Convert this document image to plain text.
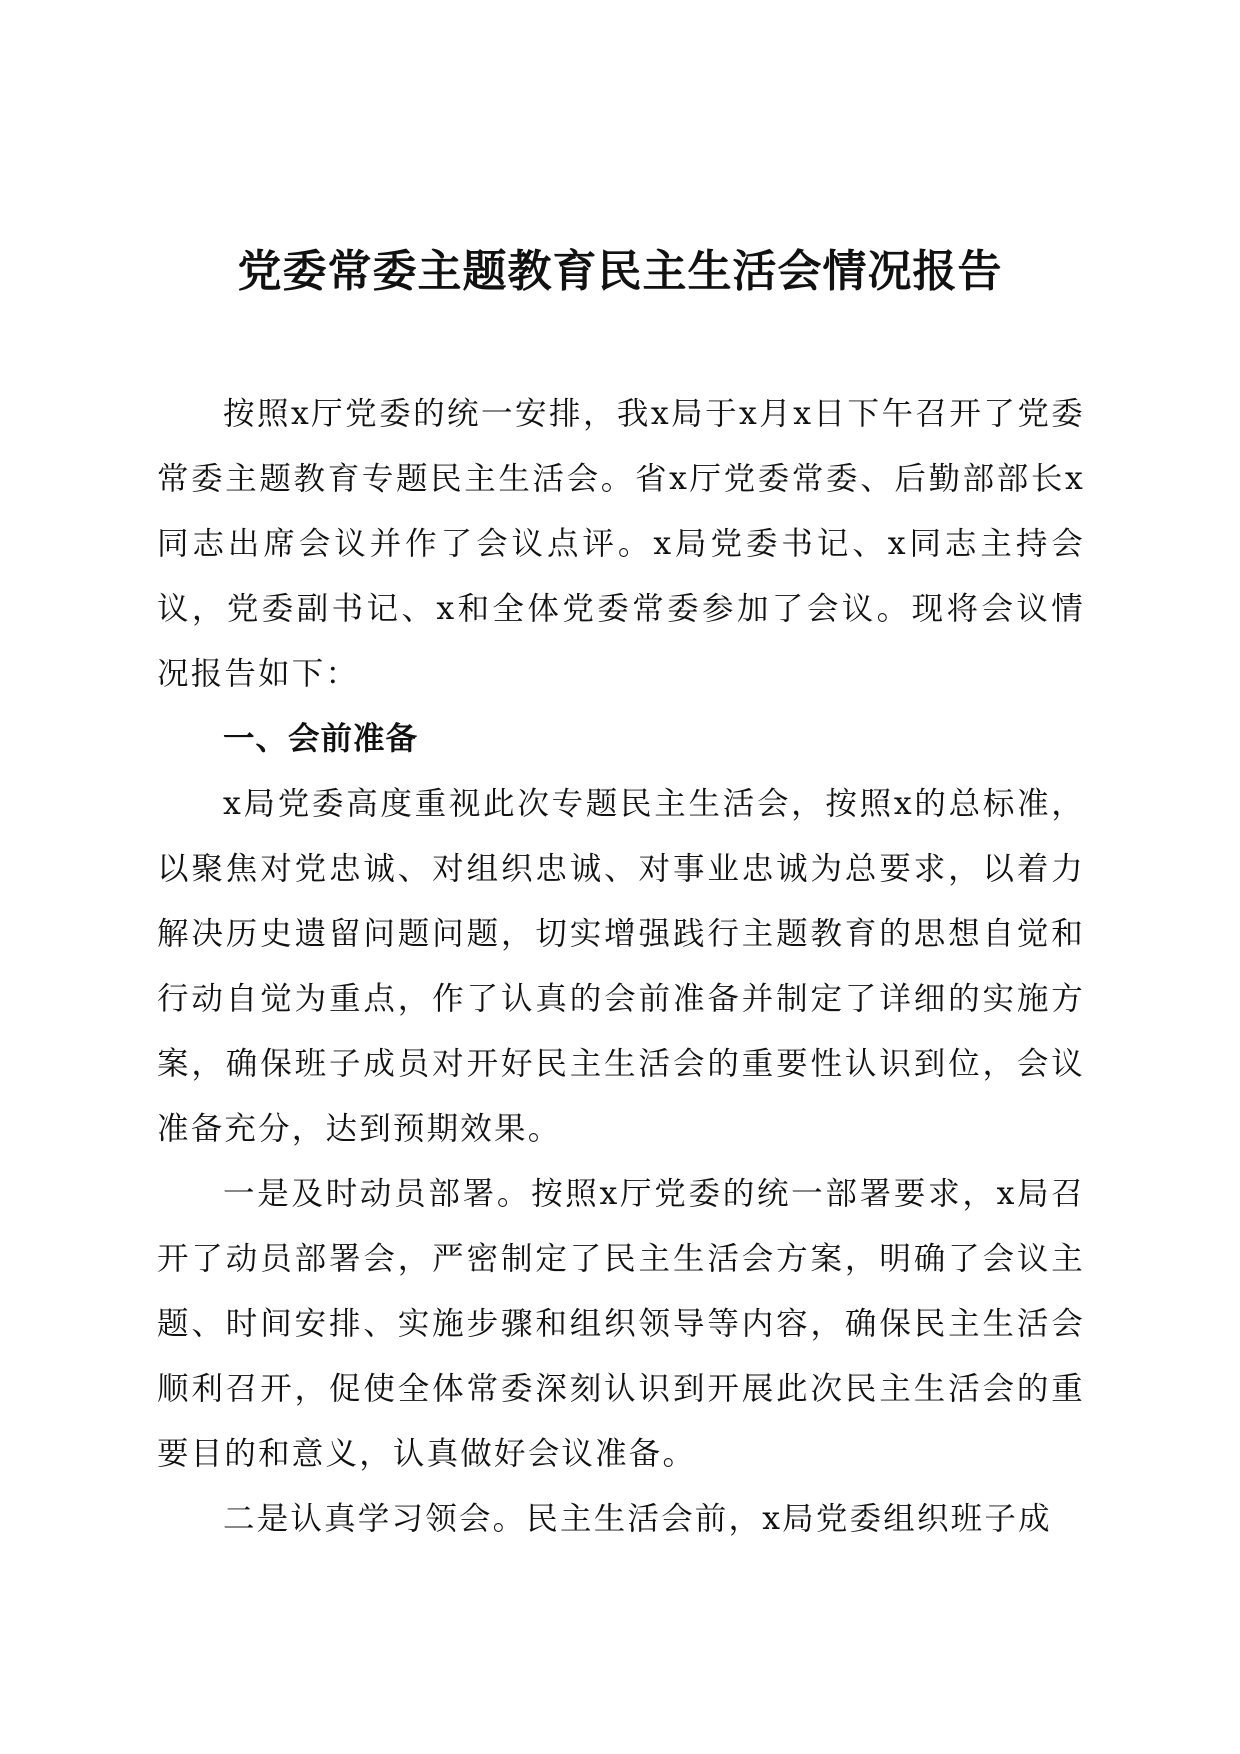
党委常委主题教育民主生活会情况报告

按照x厅党委的统一安排，我x局于x月x日下午召开了党委常委主题教育专题民主生活会。省x厅党委常委、后勤部部长x同志出席会议并作了会议点评。x局党委书记、x同志主持会议，党委副书记、x和全体党委常委参加了会议。现将会议情况报告如下：

一、会前准备

x局党委高度重视此次专题民主生活会，按照x的总标准，以聚焦对党忠诚、对组织忠诚、对事业忠诚为总要求，以着力解决历史遗留问题问题，切实增强践行主题教育的思想自觉和行动自觉为重点，作了认真的会前准备并制定了详细的实施方案，确保班子成员对开好民主生活会的重要性认识到位，会议准备充分，达到预期效果。

一是及时动员部署。按照x厅党委的统一部署要求，x局召开了动员部署会，严密制定了民主生活会方案，明确了会议主题、时间安排、实施步骤和组织领导等内容，确保民主生活会顺利召开，促使全体常委深刻认识到开展此次民主生活会的重要目的和意义，认真做好会议准备。

二是认真学习领会。民主生活会前，x局党委组织班子成
